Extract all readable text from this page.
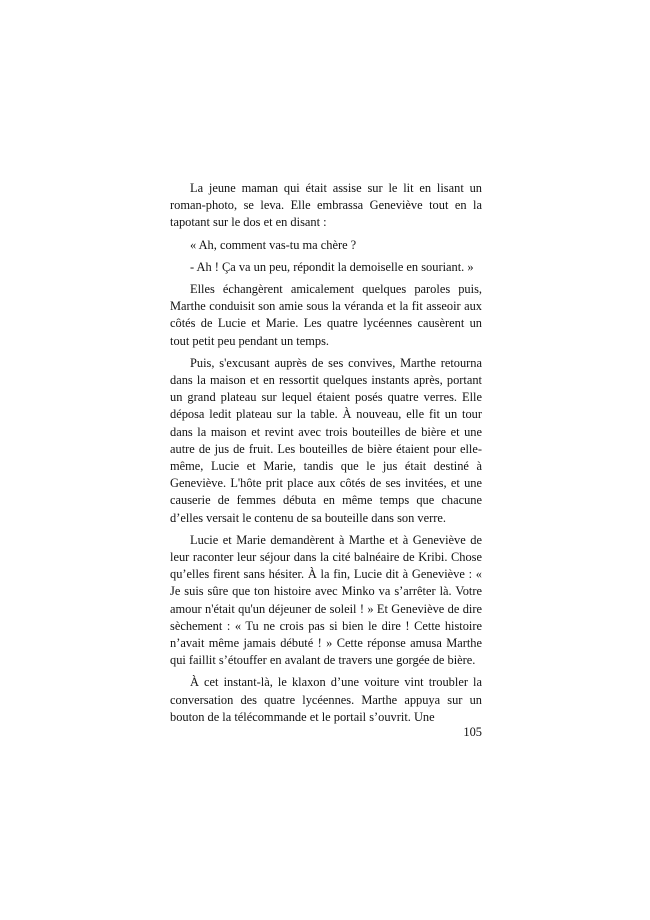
La jeune maman qui était assise sur le lit en lisant un roman-photo, se leva. Elle embrassa Geneviève tout en la tapotant sur le dos et en disant :

« Ah, comment vas-tu ma chère ?

- Ah ! Ça va un peu, répondit la demoiselle en souriant. »

Elles échangèrent amicalement quelques paroles puis, Marthe conduisit son amie sous la véranda et la fit asseoir aux côtés de Lucie et Marie. Les quatre lycéennes causèrent un tout petit peu pendant un temps.

Puis, s'excusant auprès de ses convives, Marthe retourna dans la maison et en ressortit quelques instants après, portant un grand plateau sur lequel étaient posés quatre verres. Elle déposa ledit plateau sur la table. À nouveau, elle fit un tour dans la maison et revint avec trois bouteilles de bière et une autre de jus de fruit. Les bouteilles de bière étaient pour elle-même, Lucie et Marie, tandis que le jus était destiné à Geneviève. L'hôte prit place aux côtés de ses invitées, et une causerie de femmes débuta en même temps que chacune d’elles versait le contenu de sa bouteille dans son verre.

Lucie et Marie demandèrent à Marthe et à Geneviève de leur raconter leur séjour dans la cité balnéaire de Kribi. Chose qu’elles firent sans hésiter. À la fin, Lucie dit à Geneviève : « Je suis sûre que ton histoire avec Minko va s’arrêter là. Votre amour n'était qu'un déjeuner de soleil ! » Et Geneviève de dire sèchement : « Tu ne crois pas si bien le dire ! Cette histoire n’avait même jamais débuté ! » Cette réponse amusa Marthe qui faillit s’étouffer en avalant de travers une gorgée de bière.

À cet instant-là, le klaxon d’une voiture vint troubler la conversation des quatre lycéennes. Marthe appuya sur un bouton de la télécommande et le portail s’ouvrit. Une

105
